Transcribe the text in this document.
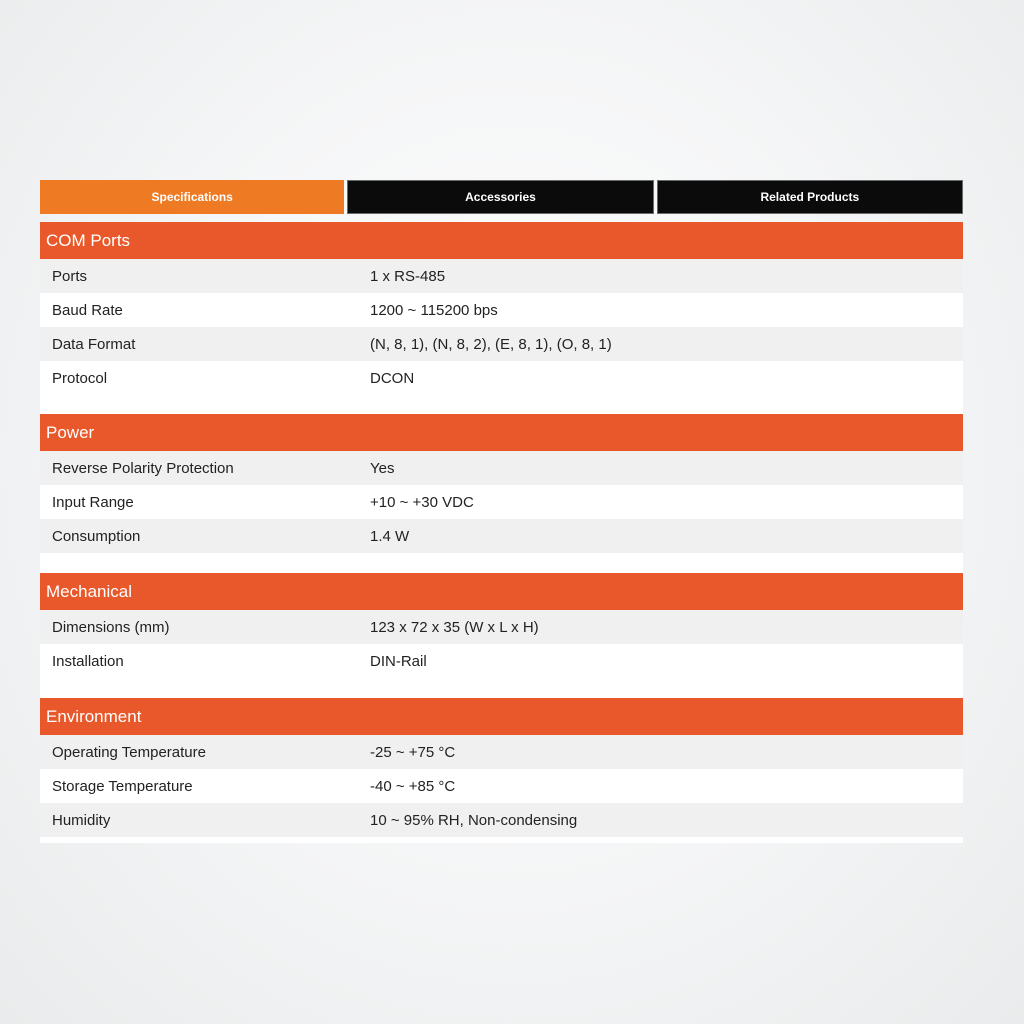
Specifications	Accessories	Related Products
COM Ports
Ports	1 x RS-485
Baud Rate	1200 ~ 115200 bps
Data Format	(N, 8, 1), (N, 8, 2), (E, 8, 1), (O, 8, 1)
Protocol	DCON
Power
Reverse Polarity Protection	Yes
Input Range	+10 ~ +30 VDC
Consumption	1.4 W
Mechanical
Dimensions (mm)	123 x 72 x 35 (W x L x H)
Installation	DIN-Rail
Environment
Operating Temperature	-25 ~ +75 °C
Storage Temperature	-40 ~ +85 °C
Humidity	10 ~ 95% RH, Non-condensing
